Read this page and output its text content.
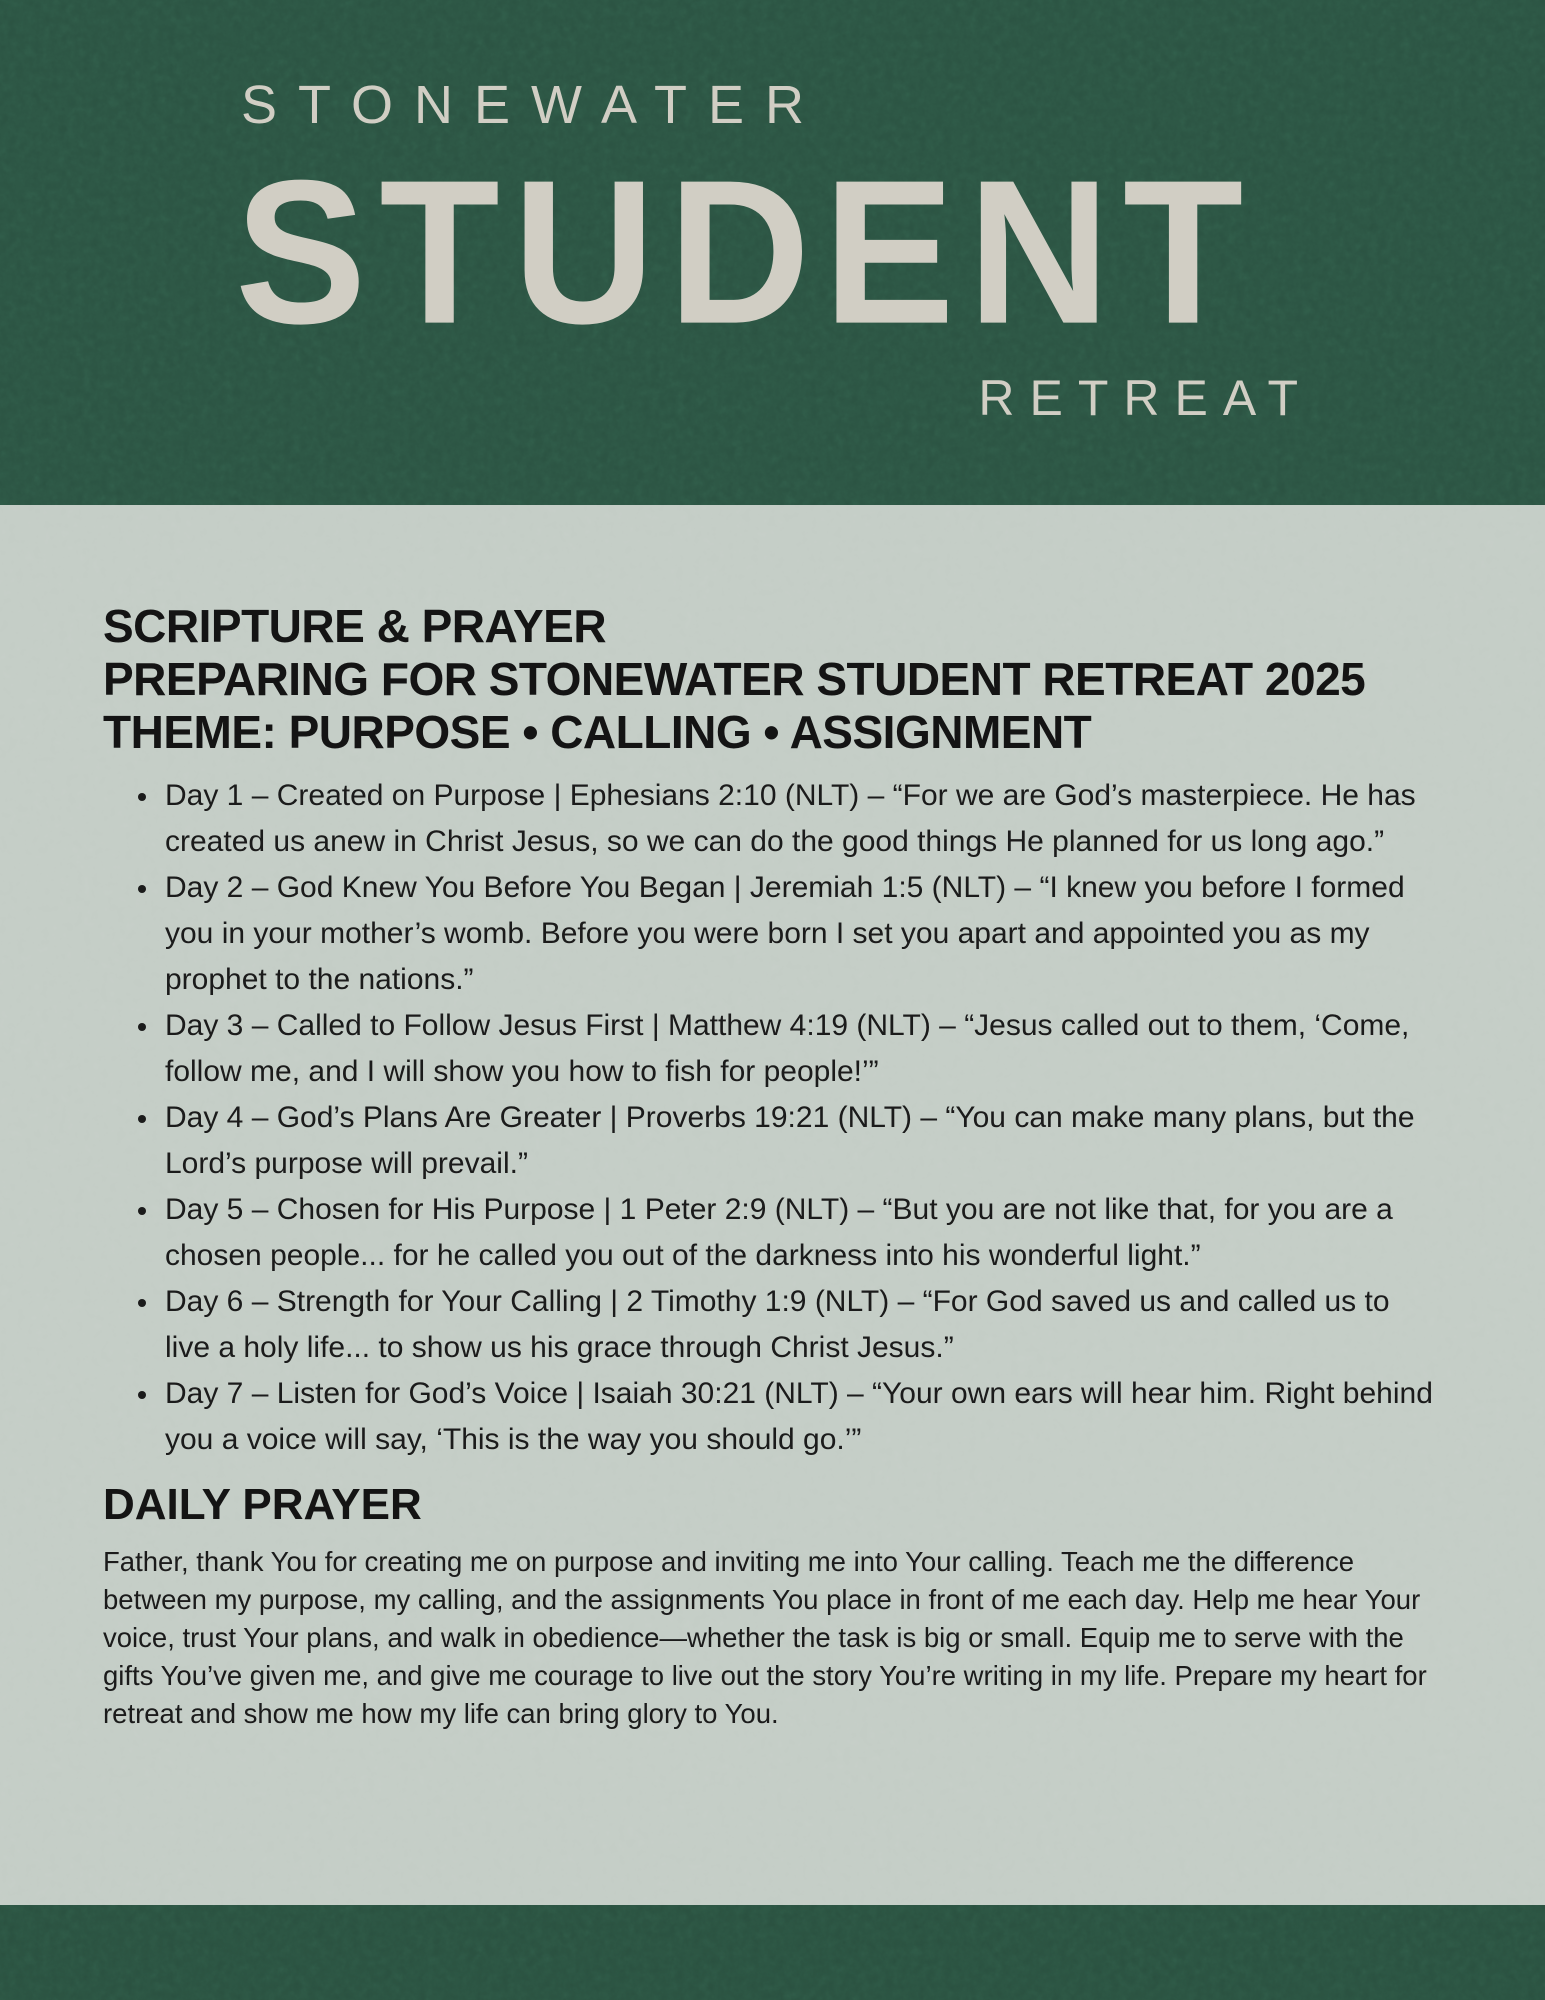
STONEWATER
STUDENT
RETREAT
SCRIPTURE & PRAYER
PREPARING FOR STONEWATER STUDENT RETREAT 2025
THEME: PURPOSE • CALLING • ASSIGNMENT
• Day 1 – Created on Purpose | Ephesians 2:10 (NLT) – “For we are God’s masterpiece. He has created us anew in Christ Jesus, so we can do the good things He planned for us long ago.”
• Day 2 – God Knew You Before You Began | Jeremiah 1:5 (NLT) – “I knew you before I formed you in your mother’s womb. Before you were born I set you apart and appointed you as my prophet to the nations.”
• Day 3 – Called to Follow Jesus First | Matthew 4:19 (NLT) – “Jesus called out to them, ‘Come, follow me, and I will show you how to fish for people!’”
• Day 4 – God’s Plans Are Greater | Proverbs 19:21 (NLT) – “You can make many plans, but the Lord’s purpose will prevail.”
• Day 5 – Chosen for His Purpose | 1 Peter 2:9 (NLT) – “But you are not like that, for you are a chosen people... for he called you out of the darkness into his wonderful light.”
• Day 6 – Strength for Your Calling | 2 Timothy 1:9 (NLT) – “For God saved us and called us to live a holy life... to show us his grace through Christ Jesus.”
• Day 7 – Listen for God’s Voice | Isaiah 30:21 (NLT) – “Your own ears will hear him. Right behind you a voice will say, ‘This is the way you should go.’”
DAILY PRAYER

Father, thank You for creating me on purpose and inviting me into Your calling. Teach me the difference between my purpose, my calling, and the assignments You place in front of me each day. Help me hear Your voice, trust Your plans, and walk in obedience—whether the task is big or small. Equip me to serve with the gifts You’ve given me, and give me courage to live out the story You’re writing in my life. Prepare my heart for retreat and show me how my life can bring glory to You.
